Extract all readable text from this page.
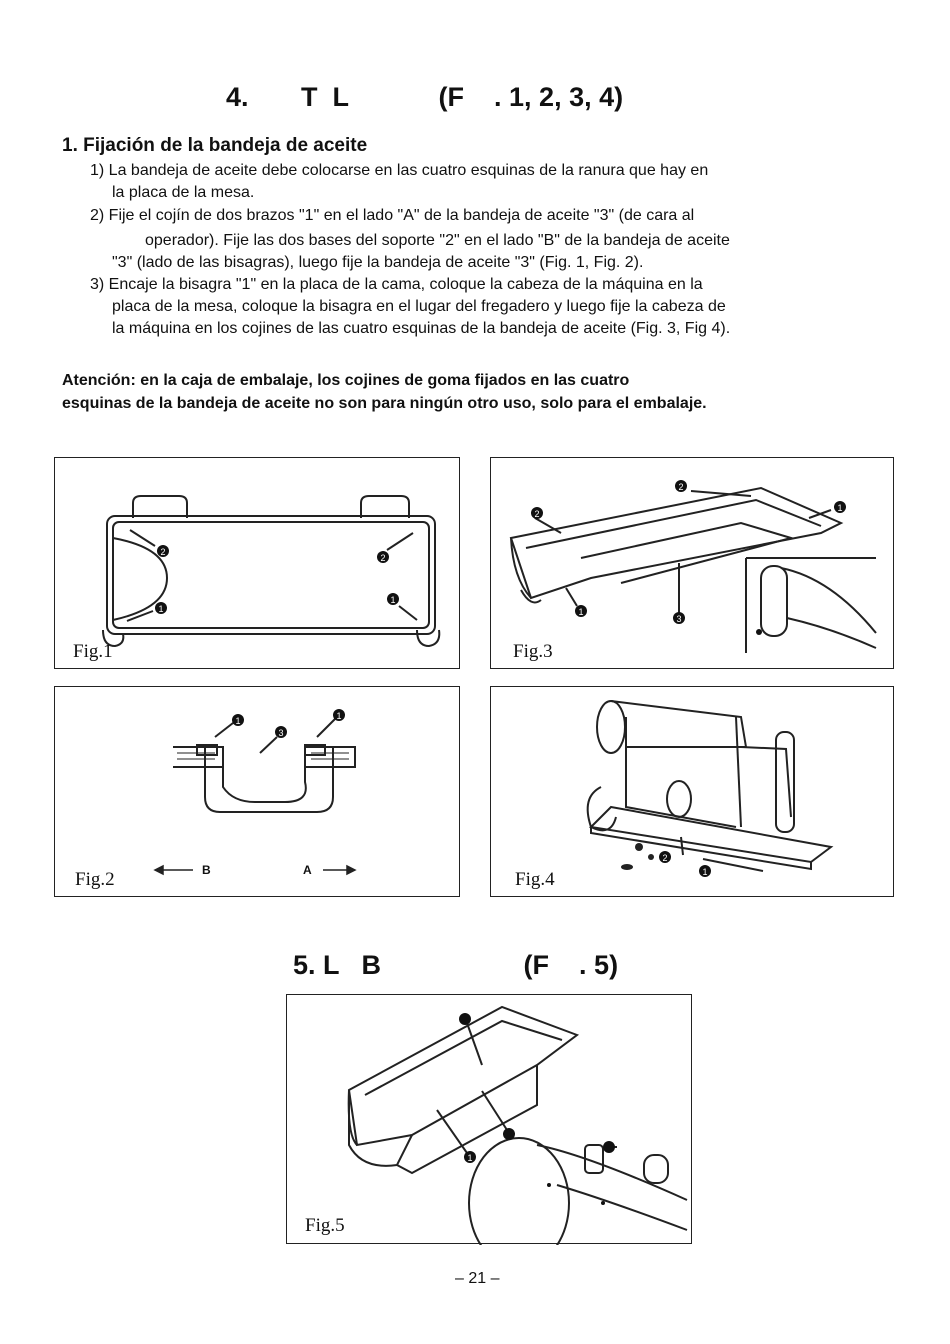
4.       T  L            (F    . 1, 2, 3, 4)
1. Fijación de la bandeja de aceite
1) La bandeja de aceite debe colocarse en las cuatro esquinas de la ranura que hay en
la placa de la mesa.
2) Fije el cojín de dos brazos "1" en el lado "A" de la bandeja de aceite "3" (de cara al
operador). Fije las dos bases del soporte "2" en el lado "B" de la bandeja de aceite
"3" (lado de las bisagras), luego fije la bandeja de aceite "3" (Fig. 1, Fig. 2).
3) Encaje la bisagra "1" en la placa de la cama, coloque la cabeza de la máquina en la
placa de la mesa, coloque la bisagra en el lugar del fregadero y luego fije la cabeza de
la máquina en los cojines de las cuatro esquinas de la bandeja de aceite (Fig. 3, Fig 4).
Atención: en la caja de embalaje, los cojines de goma fijados en las cuatro
esquinas de la bandeja de aceite no son para ningún otro uso, solo para el embalaje.
2
2
1
1
Fig.1
2
2
1
1
3
Fig.3
1
3
1
B	A
Fig.2
2
1
Fig.4
5. L   B                   (F    . 5)
1
Fig.5
– 21 –
